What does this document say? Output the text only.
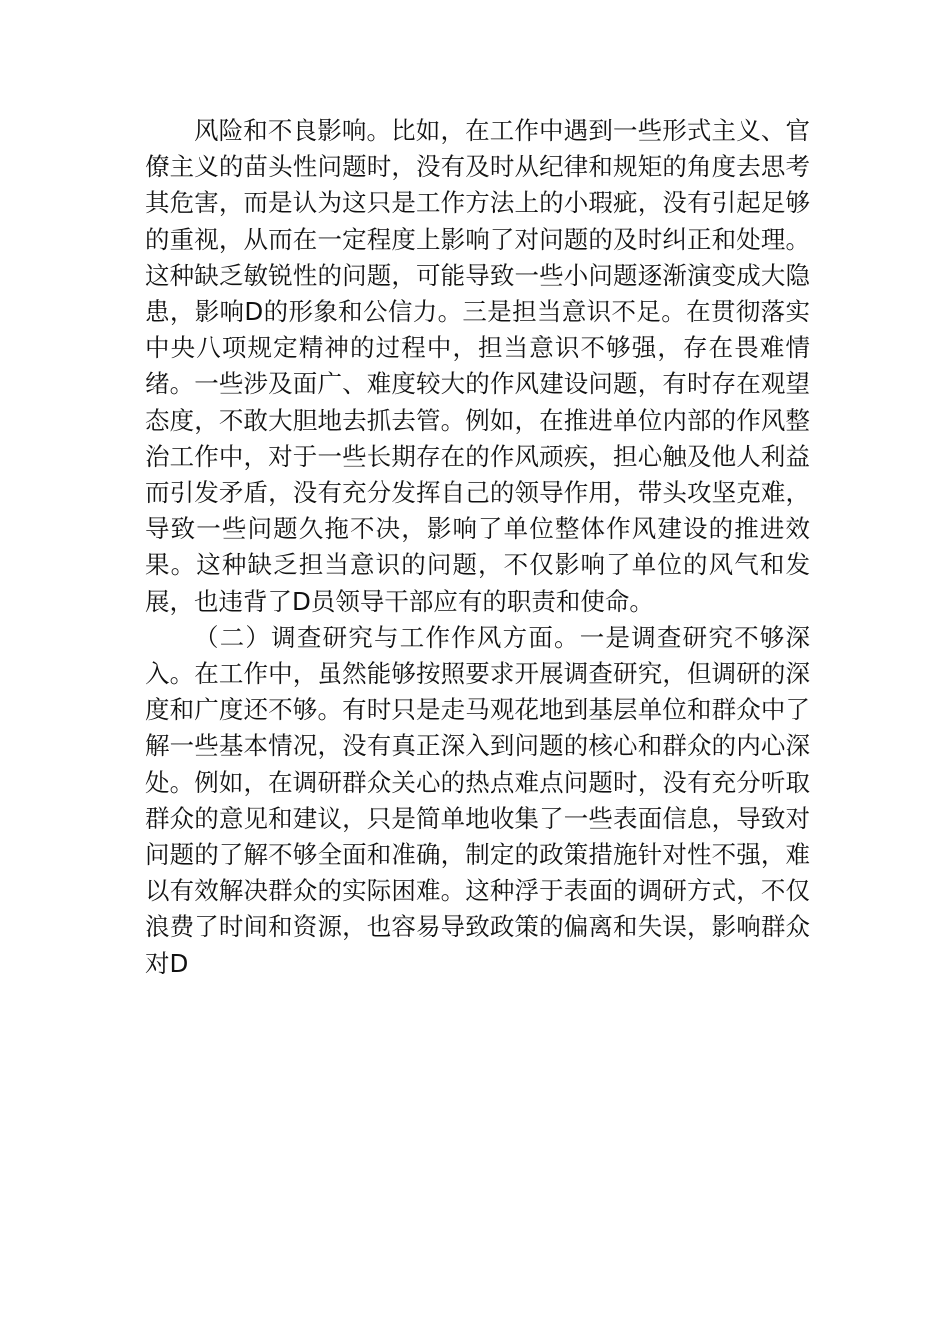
风险和不良影响。比如，在工作中遇到一些形式主义、官僚主义的苗头性问题时，没有及时从纪律和规矩的角度去思考其危害，而是认为这只是工作方法上的小瑕疵，没有引起足够的重视，从而在一定程度上影响了对问题的及时纠正和处理。这种缺乏敏锐性的问题，可能导致一些小问题逐渐演变成大隐患，影响D的形象和公信力。三是担当意识不足。在贯彻落实中央八项规定精神的过程中，担当意识不够强，存在畏难情绪。一些涉及面广、难度较大的作风建设问题，有时存在观望态度，不敢大胆地去抓去管。例如，在推进单位内部的作风整治工作中，对于一些长期存在的作风顽疾，担心触及他人利益而引发矛盾，没有充分发挥自己的领导作用，带头攻坚克难，导致一些问题久拖不决，影响了单位整体作风建设的推进效果。这种缺乏担当意识的问题，不仅影响了单位的风气和发展，也违背了D员领导干部应有的职责和使命。

（二）调查研究与工作作风方面。一是调查研究不够深入。在工作中，虽然能够按照要求开展调查研究，但调研的深度和广度还不够。有时只是走马观花地到基层单位和群众中了解一些基本情况，没有真正深入到问题的核心和群众的内心深处。例如，在调研群众关心的热点难点问题时，没有充分听取群众的意见和建议，只是简单地收集了一些表面信息，导致对问题的了解不够全面和准确，制定的政策措施针对性不强，难以有效解决群众的实际困难。这种浮于表面的调研方式，不仅浪费了时间和资源，也容易导致政策的偏离和失误，影响群众对D
